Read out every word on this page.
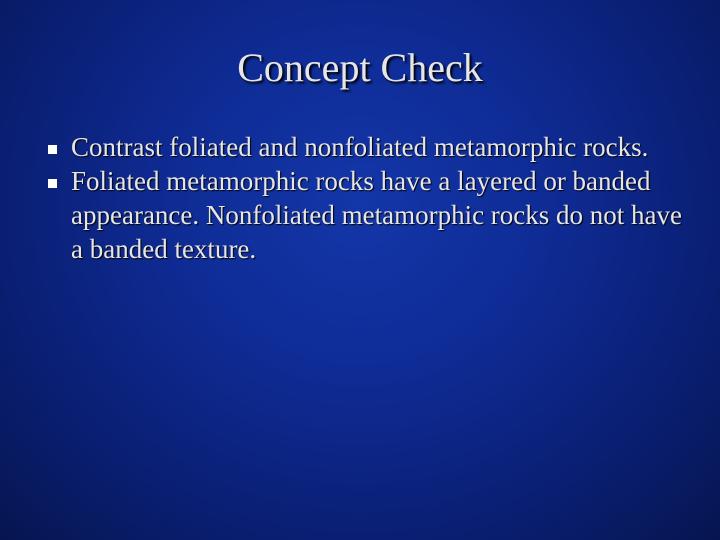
Concept Check
Contrast foliated and nonfoliated metamorphic rocks.
Foliated metamorphic rocks have a layered or banded appearance. Nonfoliated metamorphic rocks do not have a banded texture.
